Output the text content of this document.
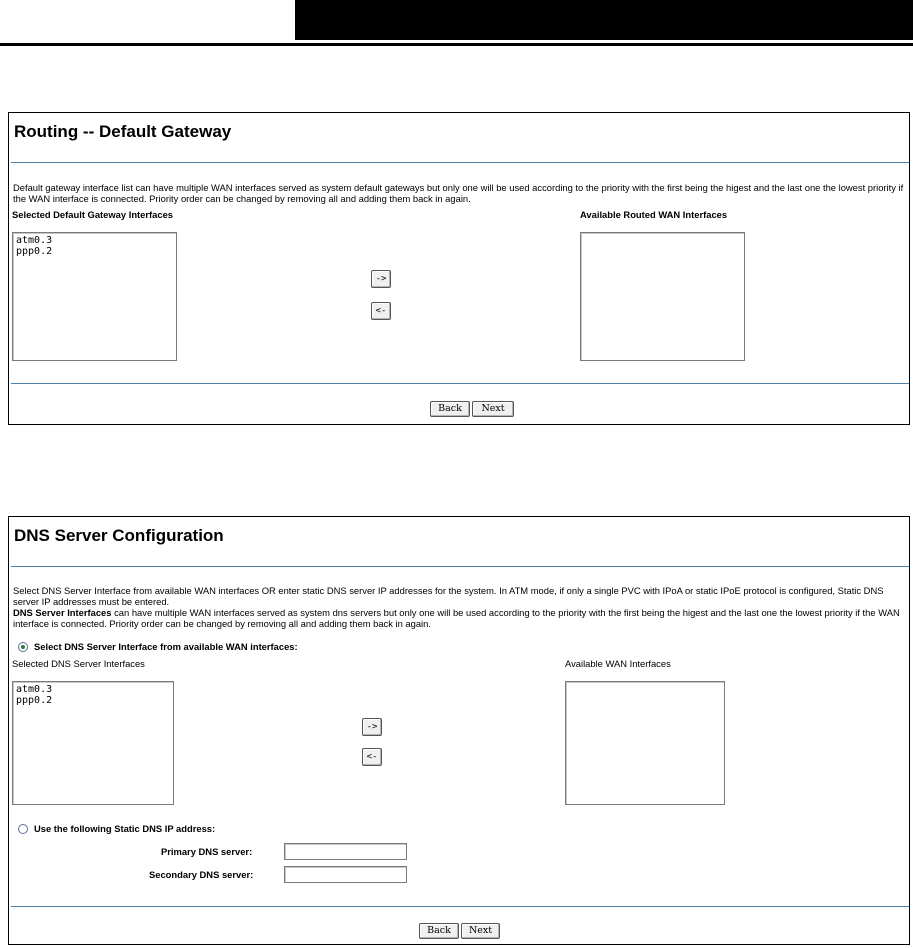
Routing -- Default Gateway
Default gateway interface list can have multiple WAN interfaces served as system default gateways but only one will be used according to the priority with the first being the higest and the last one the lowest priority if the WAN interface is connected. Priority order can be changed by removing all and adding them back in again.
Selected Default Gateway Interfaces	Available Routed WAN Interfaces
atm0.3
ppp0.2
->
<-
Back	Next
DNS Server Configuration
Select DNS Server Interface from available WAN interfaces OR enter static DNS server IP addresses for the system. In ATM mode, if only a single PVC with IPoA or static IPoE protocol is configured, Static DNS server IP addresses must be entered.
DNS Server Interfaces can have multiple WAN interfaces served as system dns servers but only one will be used according to the priority with the first being the higest and the last one the lowest priority if the WAN interface is connected. Priority order can be changed by removing all and adding them back in again.
Select DNS Server Interface from available WAN interfaces:
Selected DNS Server Interfaces	Available WAN Interfaces
atm0.3
ppp0.2
->
<-
Use the following Static DNS IP address:
Primary DNS server:
Secondary DNS server:
Back	Next
